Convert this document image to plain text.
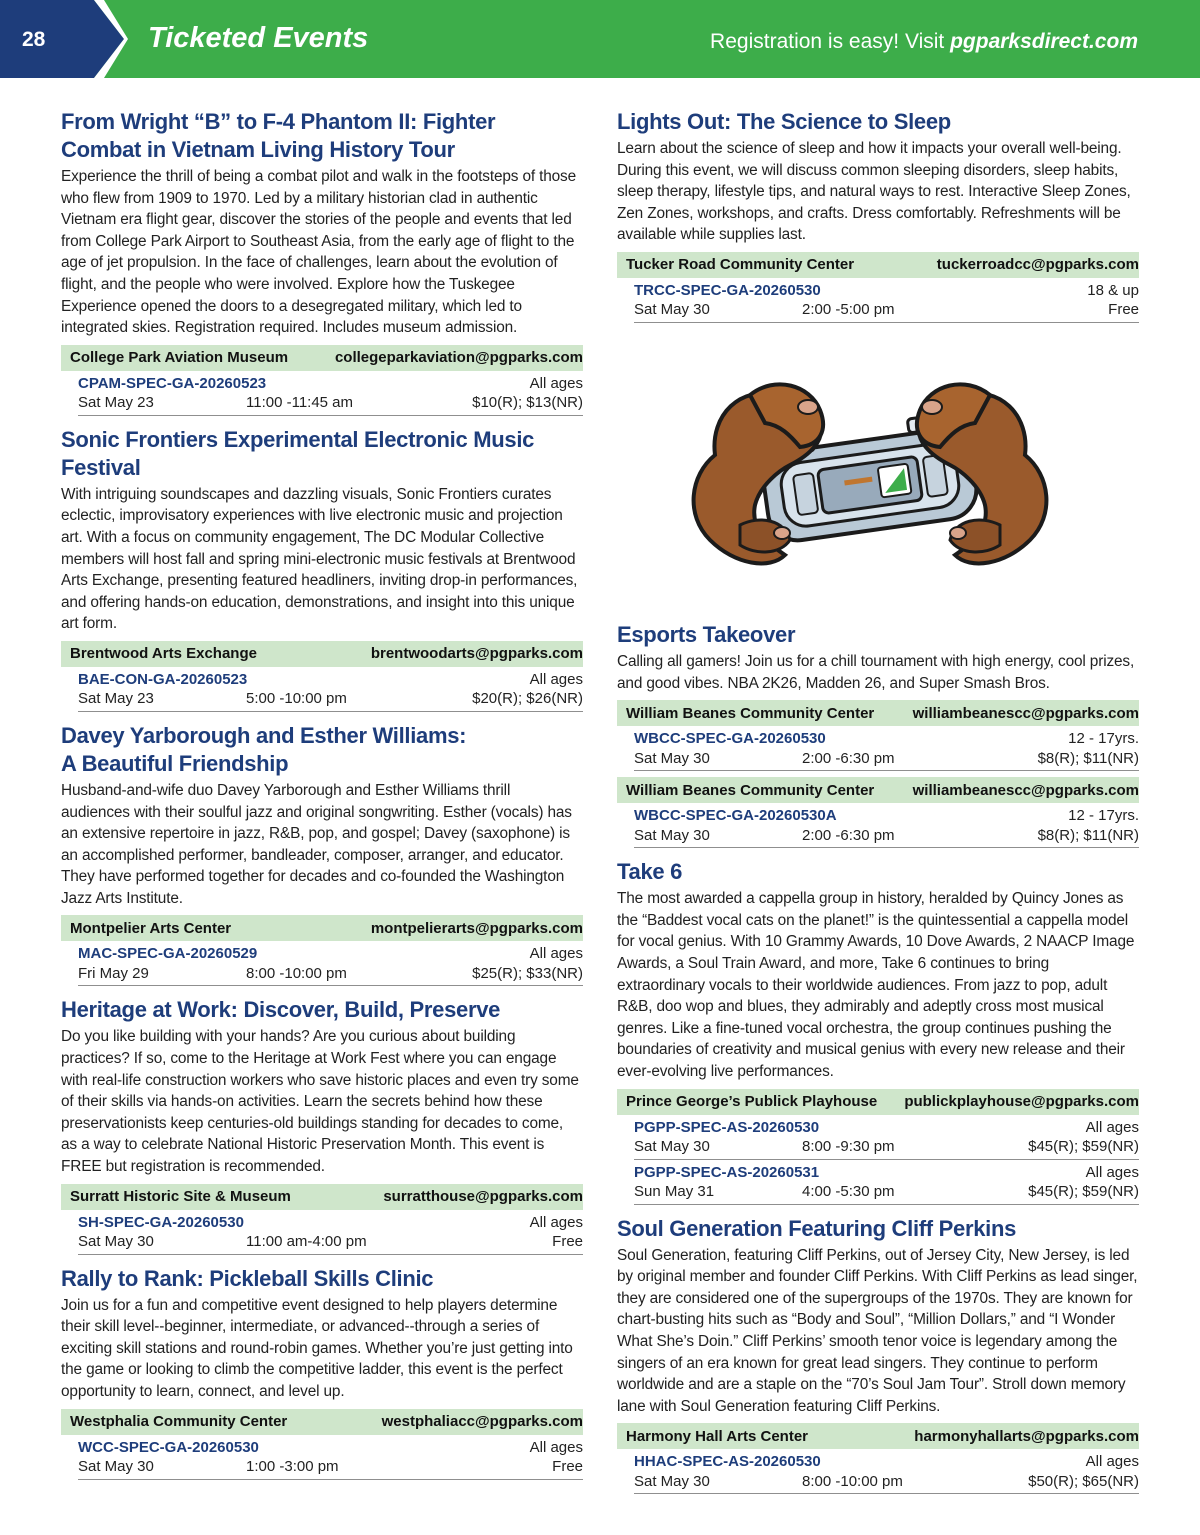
28	Ticketed Events	Registration is easy! Visit pgparksdirect.com
From Wright “B” to F-4 Phantom II: Fighter
Combat in Vietnam Living History Tour
Experience the thrill of being a combat pilot and walk in the footsteps of those who flew from 1909 to 1970. Led by a military historian clad in authentic Vietnam era flight gear, discover the stories of the people and events that led from College Park Airport to Southeast Asia, from the early age of flight to the age of jet propulsion. In the face of challenges, learn about the evolution of flight, and the people who were involved. Explore how the Tuskegee Experience opened the doors to a desegregated military, which led to integrated skies. Registration required. Includes museum admission.
College Park Aviation Museum	collegeparkaviation@pgparks.com
CPAM-SPEC-GA-20260523	All ages
Sat May 23	11:00 -11:45 am	$10(R); $13(NR)
Sonic Frontiers Experimental Electronic Music Festival
With intriguing soundscapes and dazzling visuals, Sonic Frontiers curates eclectic, improvisatory experiences with live electronic music and projection art. With a focus on community engagement, The DC Modular Collective members will host fall and spring mini-electronic music festivals at Brentwood Arts Exchange, presenting featured headliners, inviting drop-in performances, and offering hands-on education, demonstrations, and insight into this unique art form.
Brentwood Arts Exchange	brentwoodarts@pgparks.com
BAE-CON-GA-20260523	All ages
Sat May 23	5:00 -10:00 pm	$20(R); $26(NR)
Davey Yarborough and Esther Williams:
A Beautiful Friendship
Husband-and-wife duo Davey Yarborough and Esther Williams thrill audiences with their soulful jazz and original songwriting. Esther (vocals) has an extensive repertoire in jazz, R&B, pop, and gospel; Davey (saxophone) is an accomplished performer, bandleader, composer, arranger, and educator. They have performed together for decades and co-founded the Washington Jazz Arts Institute.
Montpelier Arts Center	montpelierarts@pgparks.com
MAC-SPEC-GA-20260529	All ages
Fri May 29	8:00 -10:00 pm	$25(R); $33(NR)
Heritage at Work: Discover, Build, Preserve
Do you like building with your hands? Are you curious about building practices? If so, come to the Heritage at Work Fest where you can engage with real-life construction workers who save historic places and even try some of their skills via hands-on activities. Learn the secrets behind how these preservationists keep centuries-old buildings standing for decades to come, as a way to celebrate National Historic Preservation Month. This event is FREE but registration is recommended.
Surratt Historic Site & Museum	surratthouse@pgparks.com
SH-SPEC-GA-20260530	All ages
Sat May 30	11:00 am-4:00 pm	Free
Rally to Rank: Pickleball Skills Clinic
Join us for a fun and competitive event designed to help players determine their skill level--beginner, intermediate, or advanced--through a series of exciting skill stations and round-robin games. Whether you’re just getting into the game or looking to climb the competitive ladder, this event is the perfect opportunity to learn, connect, and level up.
Westphalia Community Center	westphaliacc@pgparks.com
WCC-SPEC-GA-20260530	All ages
Sat May 30	1:00 -3:00 pm	Free
Lights Out: The Science to Sleep
Learn about the science of sleep and how it impacts your overall well-being. During this event, we will discuss common sleeping disorders, sleep habits, sleep therapy, lifestyle tips, and natural ways to rest. Interactive Sleep Zones, Zen Zones, workshops, and crafts. Dress comfortably. Refreshments will be available while supplies last.
Tucker Road Community Center	tuckerroadcc@pgparks.com
TRCC-SPEC-GA-20260530	18 & up
Sat May 30	2:00 -5:00 pm	Free
Esports Takeover
Calling all gamers! Join us for a chill tournament with high energy, cool prizes, and good vibes. NBA 2K26, Madden 26, and Super Smash Bros.
William Beanes Community Center	williambeanescc@pgparks.com
WBCC-SPEC-GA-20260530	12 - 17yrs.
Sat May 30	2:00 -6:30 pm	$8(R); $11(NR)
William Beanes Community Center	williambeanescc@pgparks.com
WBCC-SPEC-GA-20260530A	12 - 17yrs.
Sat May 30	2:00 -6:30 pm	$8(R); $11(NR)
Take 6
The most awarded a cappella group in history, heralded by Quincy Jones as the “Baddest vocal cats on the planet!” is the quintessential a cappella model for vocal genius. With 10 Grammy Awards, 10 Dove Awards, 2 NAACP Image Awards, a Soul Train Award, and more, Take 6 continues to bring extraordinary vocals to their worldwide audiences. From jazz to pop, adult R&B, doo wop and blues, they admirably and adeptly cross most musical genres. Like a fine-tuned vocal orchestra, the group continues pushing the boundaries of creativity and musical genius with every new release and their ever-evolving live performances.
Prince George’s Publick Playhouse publickplayhouse@pgparks.com
PGPP-SPEC-AS-20260530	All ages
Sat May 30	8:00 -9:30 pm	$45(R); $59(NR)
PGPP-SPEC-AS-20260531	All ages
Sun May 31	4:00 -5:30 pm	$45(R); $59(NR)
Soul Generation Featuring Cliff Perkins
Soul Generation, featuring Cliff Perkins, out of Jersey City, New Jersey, is led by original member and founder Cliff Perkins. With Cliff Perkins as lead singer, they are considered one of the supergroups of the 1970s. They are known for chart-busting hits such as “Body and Soul”, “Million Dollars,” and “I Wonder What She’s Doin.” Cliff Perkins’ smooth tenor voice is legendary among the singers of an era known for great lead singers. They continue to perform worldwide and are a staple on the “70’s Soul Jam Tour”. Stroll down memory lane with Soul Generation featuring Cliff Perkins.
Harmony Hall Arts Center	harmonyhallarts@pgparks.com
HHAC-SPEC-AS-20260530	All ages
Sat May 30	8:00 -10:00 pm	$50(R); $65(NR)
